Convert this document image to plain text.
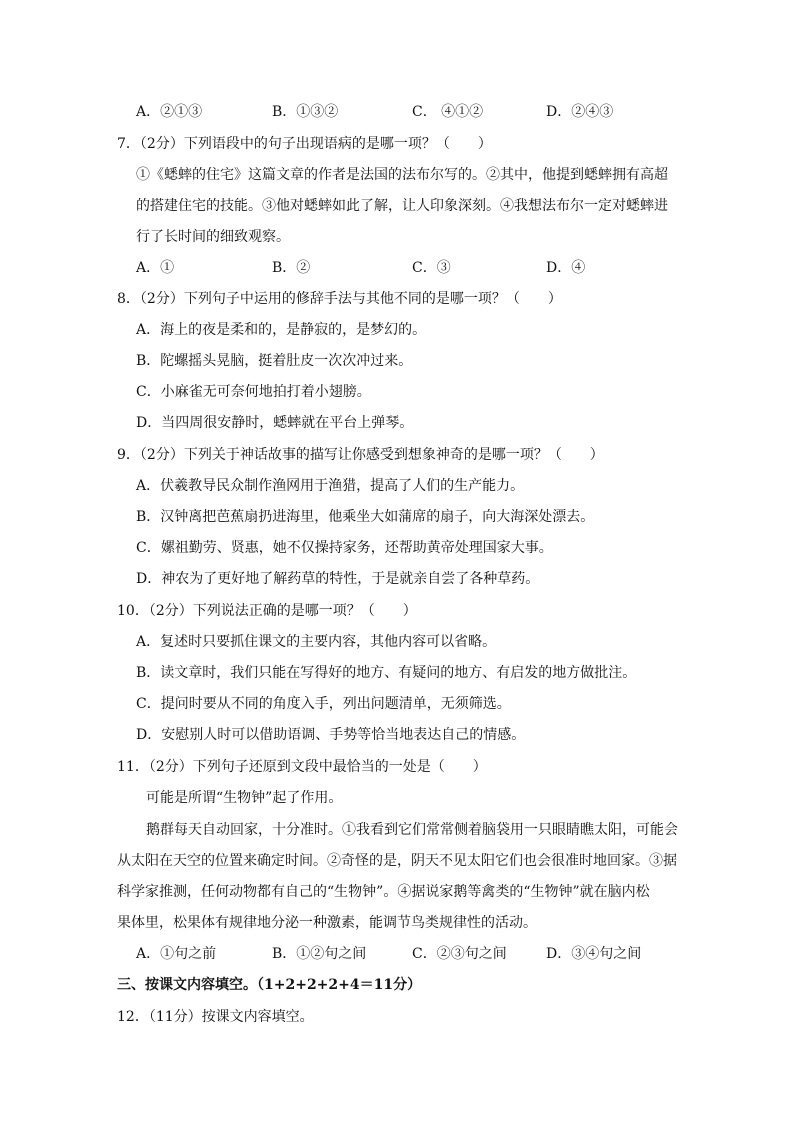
A．②①③	B．①③②	C． ④①②	D．②④③
7．（2分）下列语段中的句子出现语病的是哪一项？（　　）
①《蟋蟀的住宅》这篇文章的作者是法国的法布尔写的。②其中，他提到蟋蟀拥有高超
的搭建住宅的技能。③他对蟋蟀如此了解，让人印象深刻。④我想法布尔一定对蟋蟀进
行了长时间的细致观察。
A．①	B．②	C．③	D．④
8．（2分）下列句子中运用的修辞手法与其他不同的是哪一项？（　　）
A．海上的夜是柔和的，是静寂的，是梦幻的。
B．陀螺摇头晃脑，挺着肚皮一次次冲过来。
C．小麻雀无可奈何地拍打着小翅膀。
D．当四周很安静时，蟋蟀就在平台上弹琴。
9．（2分）下列关于神话故事的描写让你感受到想象神奇的是哪一项？（　　）
A．伏羲教导民众制作渔网用于渔猎，提高了人们的生产能力。
B．汉钟离把芭蕉扇扔进海里，他乘坐大如蒲席的扇子，向大海深处漂去。
C．嫘祖勤劳、贤惠，她不仅操持家务，还帮助黄帝处理国家大事。
D．神农为了更好地了解药草的特性，于是就亲自尝了各种草药。
10．（2分）下列说法正确的是哪一项？（　　）
A．复述时只要抓住课文的主要内容，其他内容可以省略。
B．读文章时，我们只能在写得好的地方、有疑问的地方、有启发的地方做批注。
C．提问时要从不同的角度入手，列出问题清单，无须筛选。
D．安慰别人时可以借助语调、手势等恰当地表达自己的情感。
11．（2分）下列句子还原到文段中最恰当的一处是（　　）
可能是所谓“生物钟”起了作用。
鹅群每天自动回家，十分准时。①我看到它们常常侧着脑袋用一只眼睛瞧太阳，可能会
从太阳在天空的位置来确定时间。②奇怪的是，阴天不见太阳它们也会很准时地回家。③据
科学家推测，任何动物都有自己的“生物钟”。④据说家鹅等禽类的“生物钟”就在脑内松
果体里，松果体有规律地分泌一种激素，能调节鸟类规律性的活动。
A．①句之前	B．①②句之间	C．②③句之间	D．③④句之间
三、按课文内容填空。（1+2+2+2+4＝11分）
12．（11分）按课文内容填空。
